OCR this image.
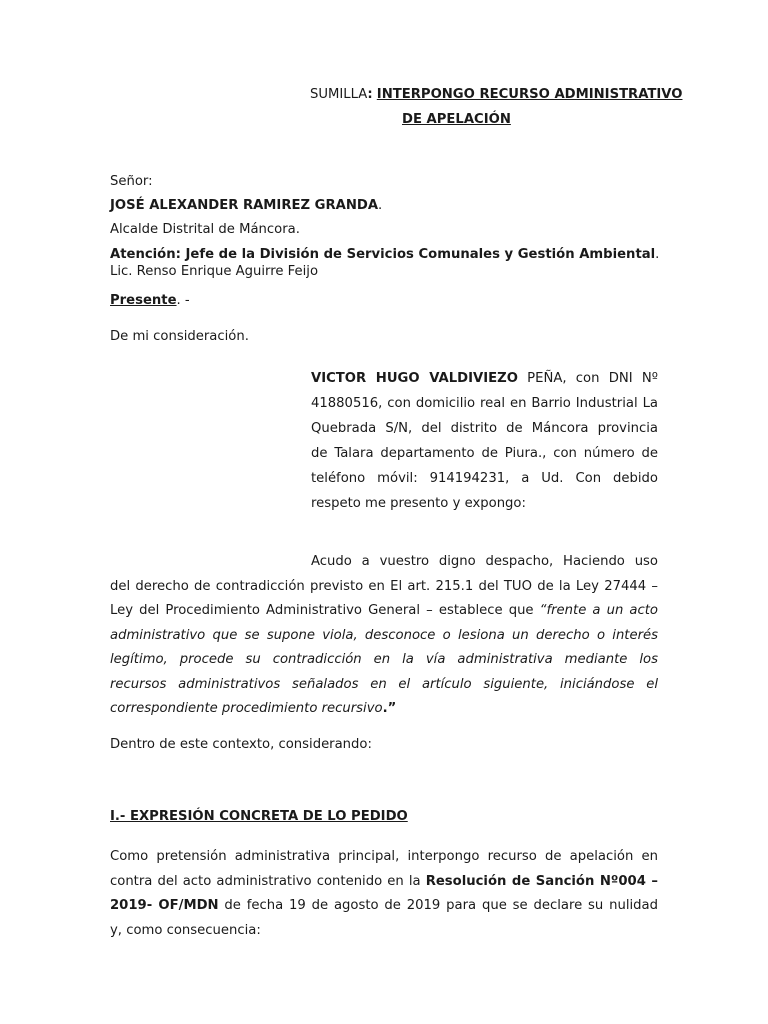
SUMILLA: INTERPONGO RECURSO ADMINISTRATIVO
DE APELACIÓN
Señor:
JOSÉ ALEXANDER RAMIREZ GRANDA.
Alcalde Distrital de Máncora.
Atención: Jefe de la División de Servicios Comunales y Gestión Ambiental.
Lic. Renso Enrique Aguirre Feijo
Presente. -
De mi consideración.
VICTOR HUGO VALDIVIEZO PEÑA, con DNI Nº
41880516, con domicilio real en Barrio Industrial La
Quebrada S/N, del distrito de Máncora provincia
de Talara departamento de Piura., con número de
teléfono móvil: 914194231, a Ud. Con debido
respeto me presento y expongo:
Acudo a vuestro digno despacho, Haciendo uso
del derecho de contradicción previsto en El art. 215.1 del TUO de la Ley 27444 –
Ley del Procedimiento Administrativo General – establece que “frente a un acto
administrativo que se supone viola, desconoce o lesiona un derecho o interés
legítimo, procede su contradicción en la vía administrativa mediante los
recursos administrativos señalados en el artículo siguiente, iniciándose el
correspondiente procedimiento recursivo.”
Dentro de este contexto, considerando:
I.- EXPRESIÓN CONCRETA DE LO PEDIDO
Como pretensión administrativa principal, interpongo recurso de apelación en
contra del acto administrativo contenido en la Resolución de Sanción Nº004 –
2019- OF/MDN de fecha 19 de agosto de 2019 para que se declare su nulidad
y, como consecuencia:
